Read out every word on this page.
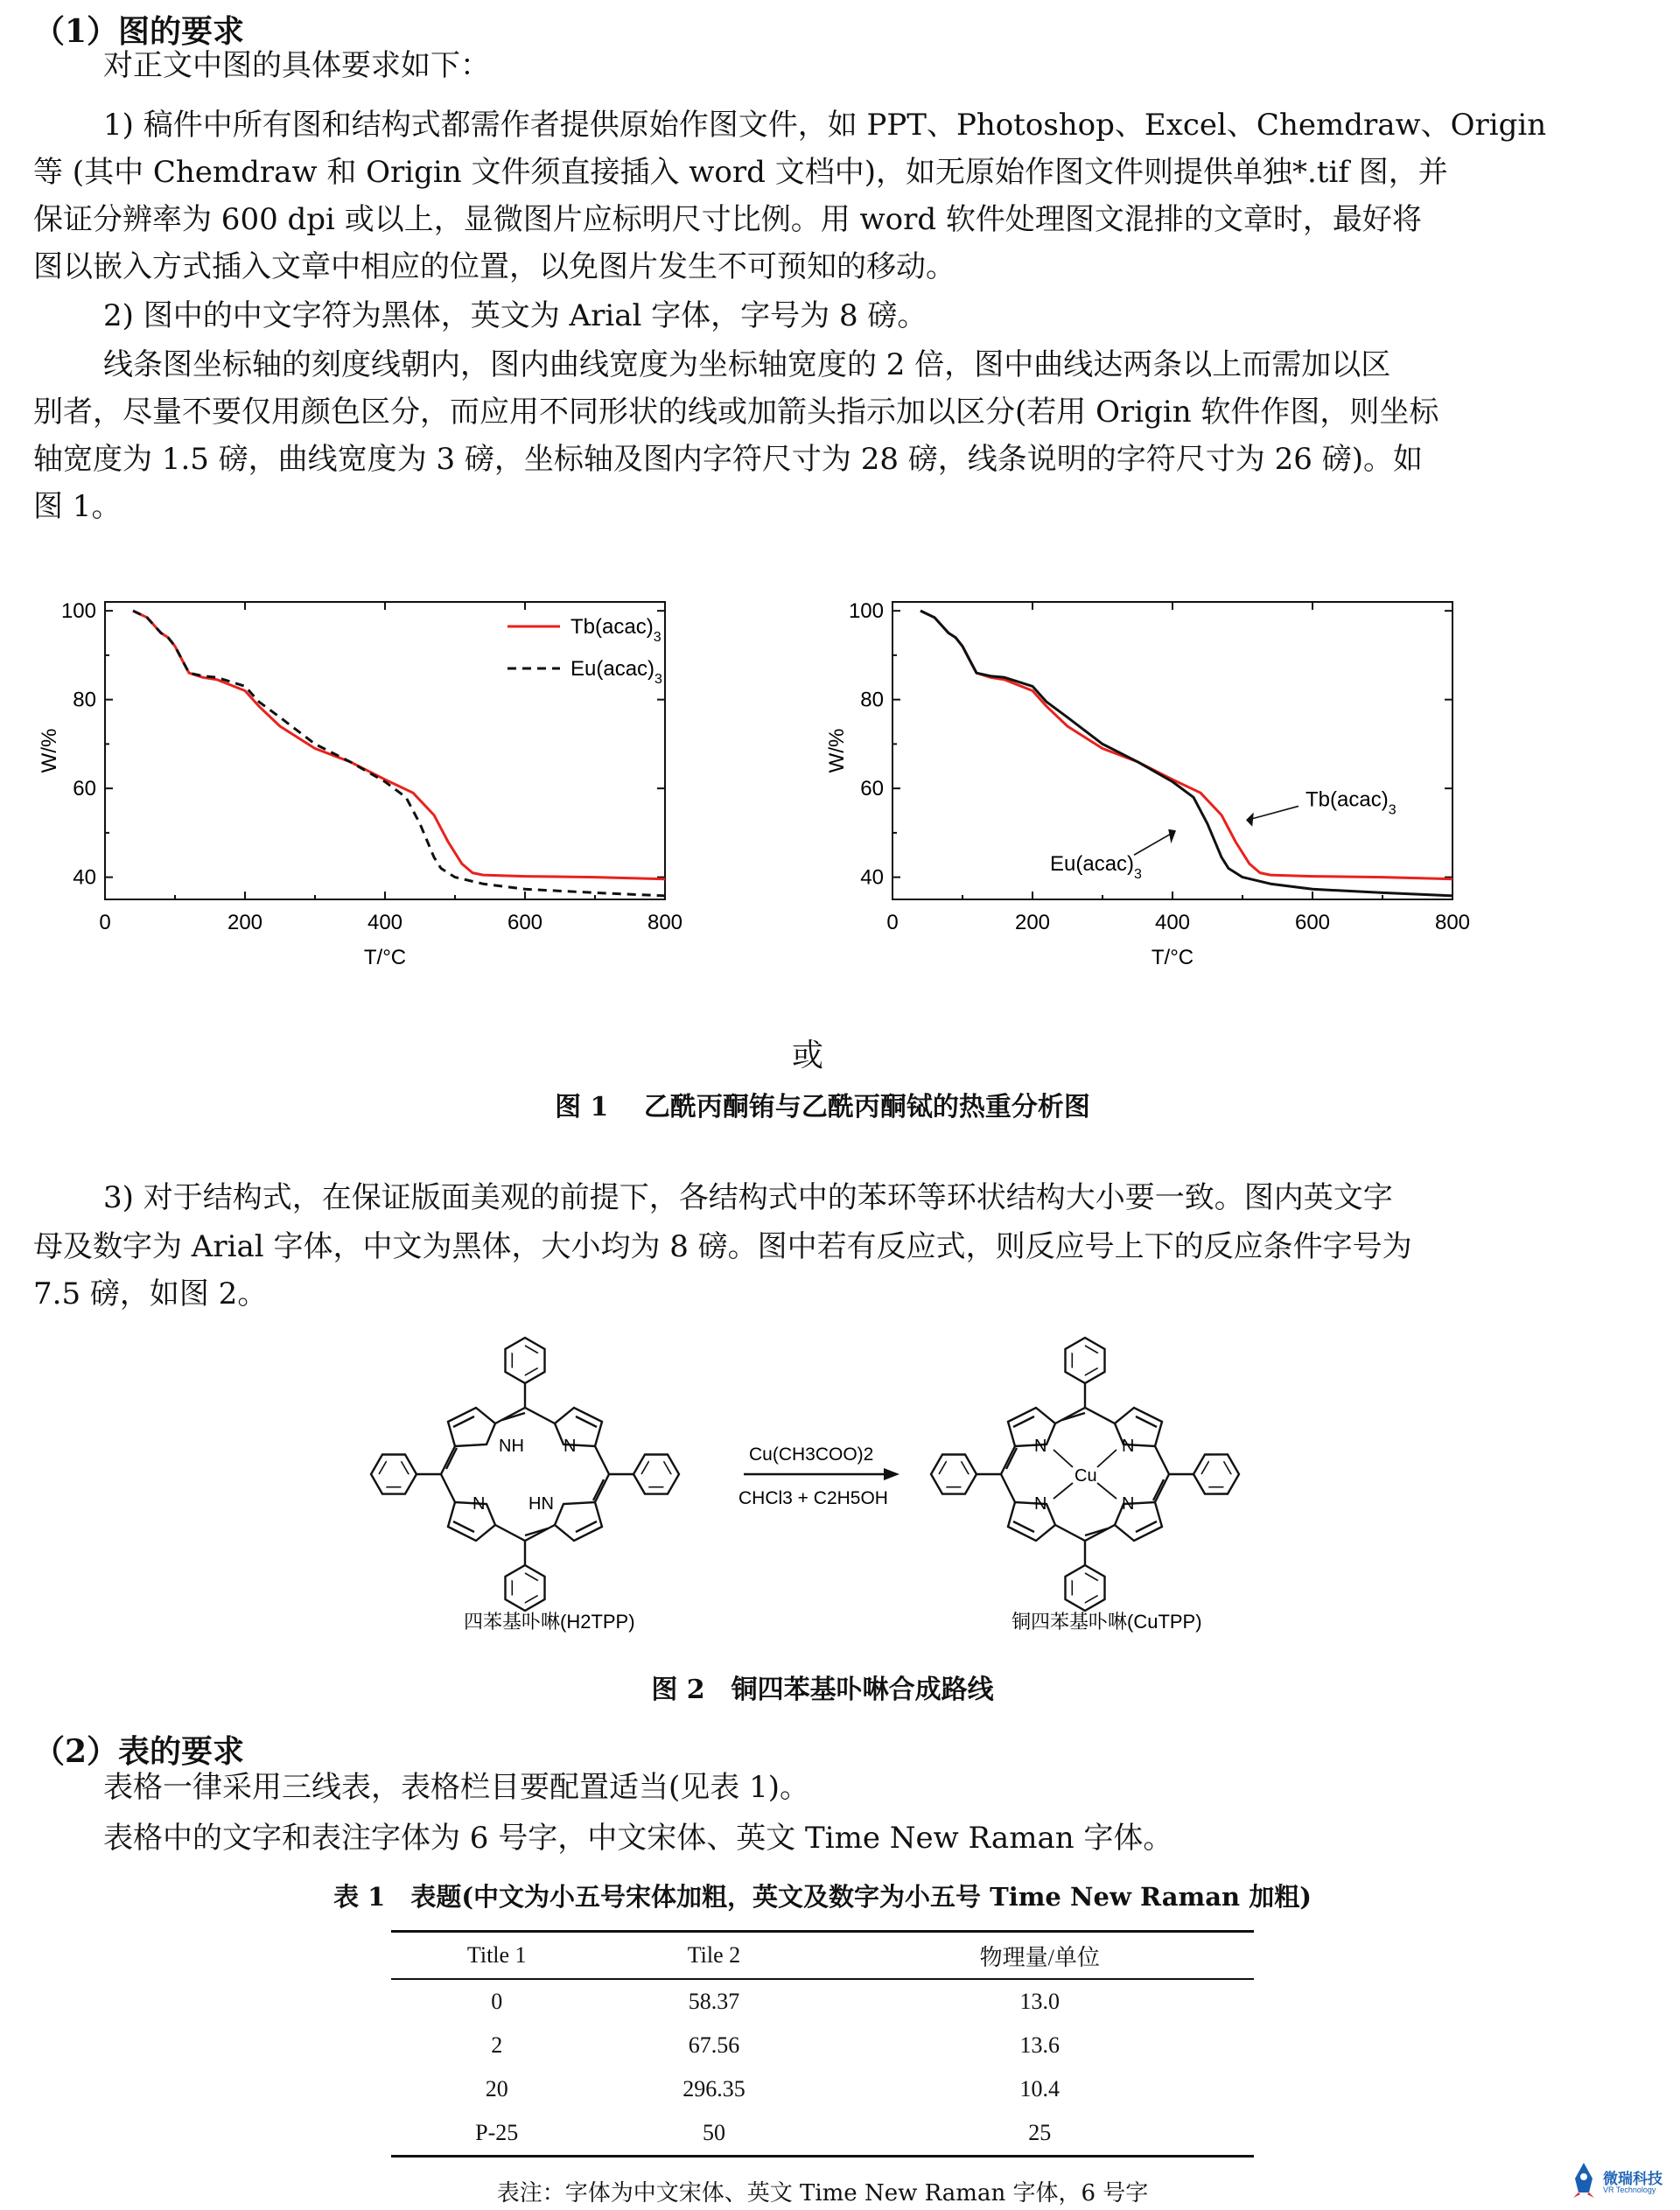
（1）图的要求
对正文中图的具体要求如下：
1) 稿件中所有图和结构式都需作者提供原始作图文件，如 PPT、Photoshop、Excel、Chemdraw、Origin
等 (其中 Chemdraw 和 Origin 文件须直接插入 word 文档中)，如无原始作图文件则提供单独*.tif 图，并
保证分辨率为 600 dpi 或以上，显微图片应标明尺寸比例。用 word 软件处理图文混排的文章时，最好将
图以嵌入方式插入文章中相应的位置，以免图片发生不可预知的移动。
2) 图中的中文字符为黑体，英文为 Arial 字体，字号为 8 磅。
线条图坐标轴的刻度线朝内，图内曲线宽度为坐标轴宽度的 2 倍，图中曲线达两条以上而需加以区
别者，尽量不要仅用颜色区分，而应用不同形状的线或加箭头指示加以区分(若用 Origin 软件作图，则坐标
轴宽度为 1.5 磅，曲线宽度为 3 磅，坐标轴及图内字符尺寸为 28 磅，线条说明的字符尺寸为 26 磅)。如
图 1。
0	200	400	600	800
40
60
80
100
T/°C
W/%
$Tb(acac)_3$
$Eu(acac)_3$
0	200	400	600	800
40
60
80
100
T/°C
W/%
$Tb(acac)_3$
$Eu(acac)_3$
或
图 1　 乙酰丙酮铕与乙酰丙酮铽的热重分析图
3) 对于结构式，在保证版面美观的前提下，各结构式中的苯环等环状结构大小要一致。图内英文字
母及数字为 Arial 字体，中文为黑体，大小均为 8 磅。图中若有反应式，则反应号上下的反应条件字号为
7.5 磅，如图 2。
NH
HN
N
N	Cu(CH3COO)2
CHCl3 + C2H5OH
Cu
N	N
N	N
四苯基卟啉(H2TPP)	铜四苯基卟啉(CuTPP)
图 2　铜四苯基卟啉合成路线
（2）表的要求
表格一律采用三线表，表格栏目要配置适当(见表 1)。
表格中的文字和表注字体为 6 号字，中文宋体、英文 Time New Raman 字体。
表 1　表题(中文为小五号宋体加粗，英文及数字为小五号 Time New Raman 加粗)
Title 1	Tile 2	物理量/单位
0	58.37	13.0
2	67.56	13.6
20	296.35	10.4
P-25	50	25
表注：字体为中文宋体、英文 Time New Raman 字体，6 号字
微瑞科技
VR Technology
